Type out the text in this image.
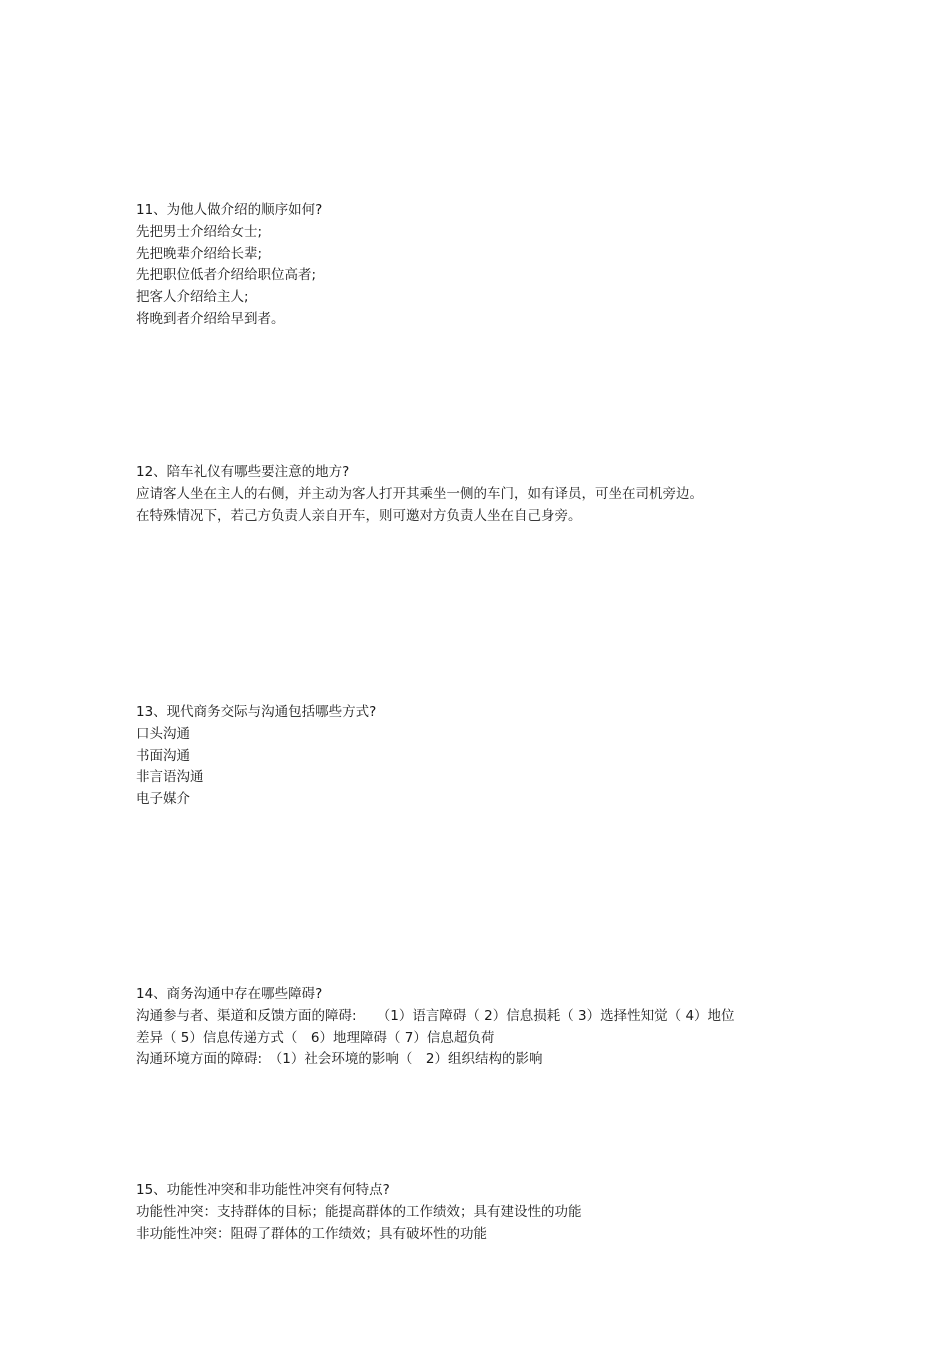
11、为他人做介绍的顺序如何?
先把男士介绍给女士;
先把晚辈介绍给长辈;
先把职位低者介绍给职位高者;
把客人介绍给主人;
将晚到者介绍给早到者。
12、陪车礼仪有哪些要注意的地方?
应请客人坐在主人的右侧，并主动为客人打开其乘坐一侧的车门，如有译员，可坐在司机旁边。
在特殊情况下，若己方负责人亲自开车，则可邀对方负责人坐在自己身旁。
13、现代商务交际与沟通包括哪些方式?
口头沟通
书面沟通
非言语沟通
电子媒介
14、商务沟通中存在哪些障碍?
沟通参与者、渠道和反馈方面的障碍:　　（1）语言障碍（ 2）信息损耗（ 3）选择性知觉（ 4）地位
差异（ 5）信息传递方式（　6）地理障碍（ 7）信息超负荷
沟通环境方面的障碍:　（1）社会环境的影响（　2）组织结构的影响
15、功能性冲突和非功能性冲突有何特点?
功能性冲突：支持群体的目标；能提高群体的工作绩效；具有建设性的功能
非功能性冲突：阻碍了群体的工作绩效；具有破坏性的功能
